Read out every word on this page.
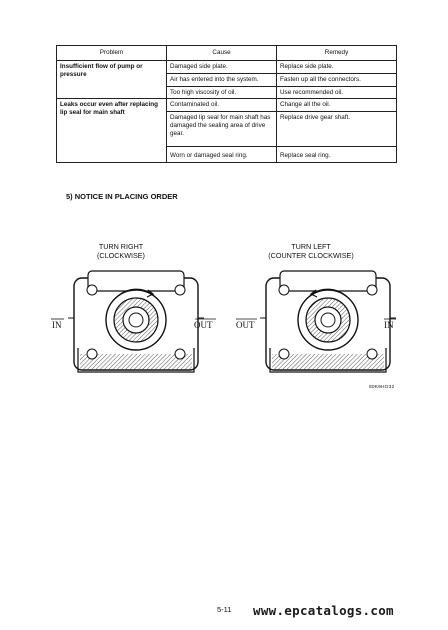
Problem	Cause	Remedy
Insufficient flow of pump or pressure	Damaged side plate.	Replace side plate.
	Air has entered into the system.	Fasten up all the connectors.
	Too high viscosity of oil.	Use recommended oil.
Leaks occur even after replacing lip seal for main shaft	Contaminated oil.	Change all the oil.
	Damaged lip seal for main shaft has damaged the sealing area of drive gear.	Replace drive gear shaft.
	Worn or damaged seal ring.	Replace seal ring.
5) NOTICE IN PLACING ORDER
TURN RIGHT
(CLOCKWISE)
TURN LEFT
(COUNTER CLOCKWISE)
IN	OUT	OUT	IN
80K9HO32
5-11 www.epcatalogs.com
